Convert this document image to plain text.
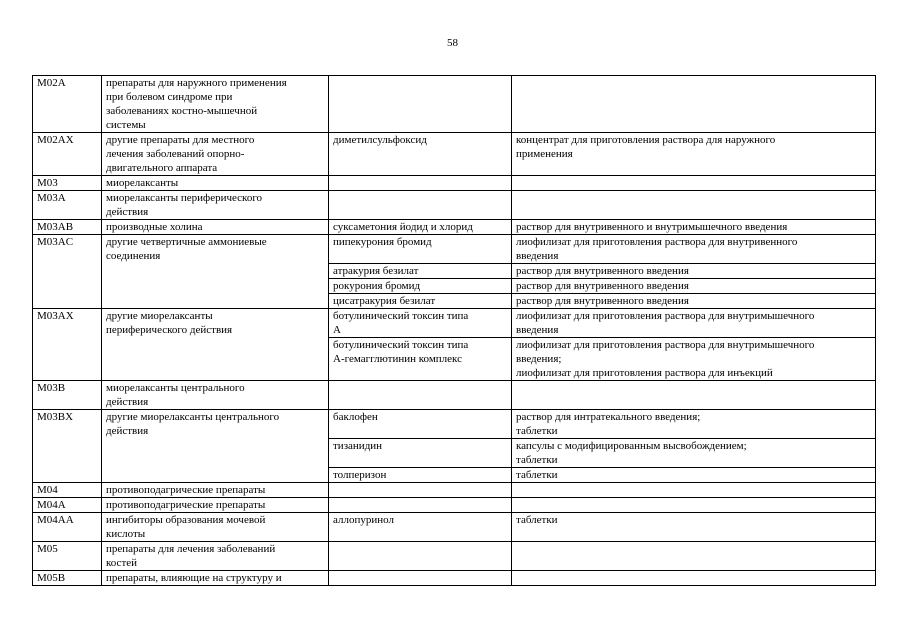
58
M02A	препараты для наружного применения
при болевом синдроме при
заболеваниях костно-мышечной
системы		
M02AX	другие препараты для местного
лечения заболеваний опорно-
двигательного аппарата	диметилсульфоксид	концентрат для приготовления раствора для наружного
применения
M03	миорелаксанты		
M03A	миорелаксанты периферического
действия		
M03AB	производные холина	суксаметония йодид и хлорид	раствор для внутривенного и внутримышечного введения
M03AC	другие четвертичные аммониевые
соединения	пипекурония бромид	лиофилизат для приготовления раствора для внутривенного
введения
		атракурия безилат	раствор для внутривенного введения
		рокурония бромид	раствор для внутривенного введения
		цисатракурия безилат	раствор для внутривенного введения
M03AX	другие миорелаксанты
периферического действия	ботулинический токсин типа
А	лиофилизат для приготовления раствора для внутримышечного
введения
		ботулинический токсин типа
А-гемагглютинин комплекс	лиофилизат для приготовления раствора для внутримышечного
введения;
лиофилизат для приготовления раствора для инъекций
M03B	миорелаксанты центрального
действия		
M03BX	другие миорелаксанты центрального
действия	баклофен	раствор для интратекального введения;
таблетки
		тизанидин	капсулы с модифицированным высвобождением;
таблетки
		толперизон	таблетки
M04	противоподагрические препараты		
M04A	противоподагрические препараты		
M04AA	ингибиторы образования мочевой
кислоты	аллопуринол	таблетки
M05	препараты для лечения заболеваний
костей		
M05B	препараты, влияющие на структуру и		
